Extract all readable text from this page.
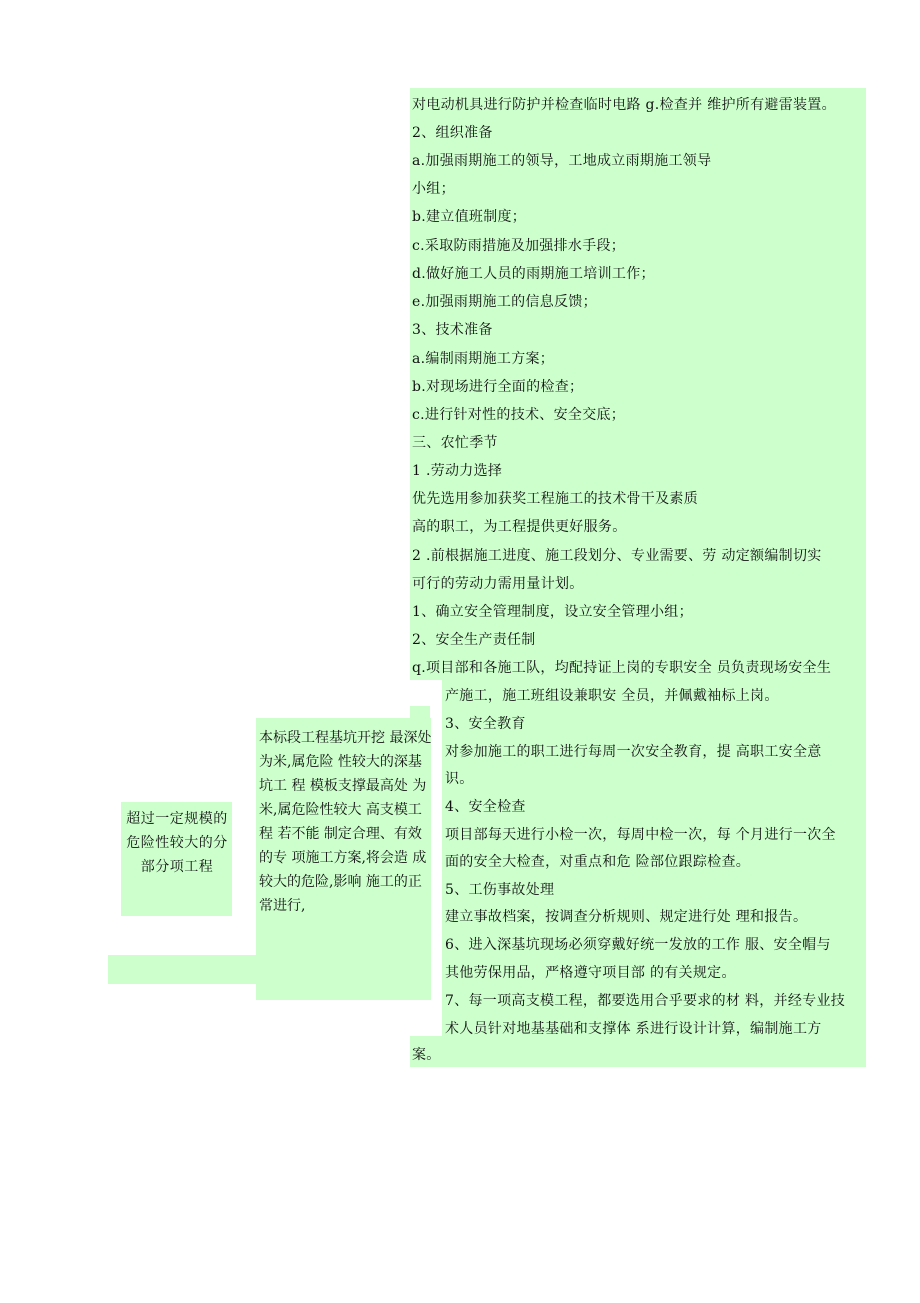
对电动机具进行防护并检查临时电路 g.检查并 维护所有避雷装置。
2、组织准备
a.加强雨期施工的领导，工地成立雨期施工领导
小组；
b.建立值班制度；
c.采取防雨措施及加强排水手段；
d.做好施工人员的雨期施工培训工作；
e.加强雨期施工的信息反馈；
3、技术准备
a.编制雨期施工方案；
b.对现场进行全面的检查；
c.进行针对性的技术、安全交底；
三、农忙季节
1 .劳动力选择
优先选用参加获奖工程施工的技术骨干及素质
高的职工，为工程提供更好服务。
2 .前根据施工进度、施工段划分、专业需要、劳 动定额编制切实
可行的劳动力需用量计划。
1、确立安全管理制度，设立安全管理小组；
2、安全生产责任制
q.项目部和各施工队，均配持证上岗的专职安全 员负责现场安全生
产施工，施工班组设兼职安 全员，并佩戴袖标上岗。
3、安全教育
对参加施工的职工进行每周一次安全教育，提 高职工安全意
识。
4、安全检查
项目部每天进行小检一次，每周中检一次，每 个月进行一次全
面的安全大检查，对重点和危 险部位跟踪检查。
5、工伤事故处理
建立事故档案，按调查分析规则、规定进行处 理和报告。
6、进入深基坑现场必须穿戴好统一发放的工作 服、安全帽与
其他劳保用品，严格遵守项目部 的有关规定。
7、每一项高支模工程，都要选用合乎要求的材 料，并经专业技
术人员针对地基基础和支撑体 系进行设计计算，编制施工方
案。
本标段工程基坑开挖 最深处为米,属危险 性较大的深基坑工 程 模板支撑最高处 为米,属危险性较大 高支模工程 若不能 制定合理、有效的专 项施工方案,将会造 成较大的危险,影响 施工的正常进行,
超过一定规模的危险性较大的分部分项工程
